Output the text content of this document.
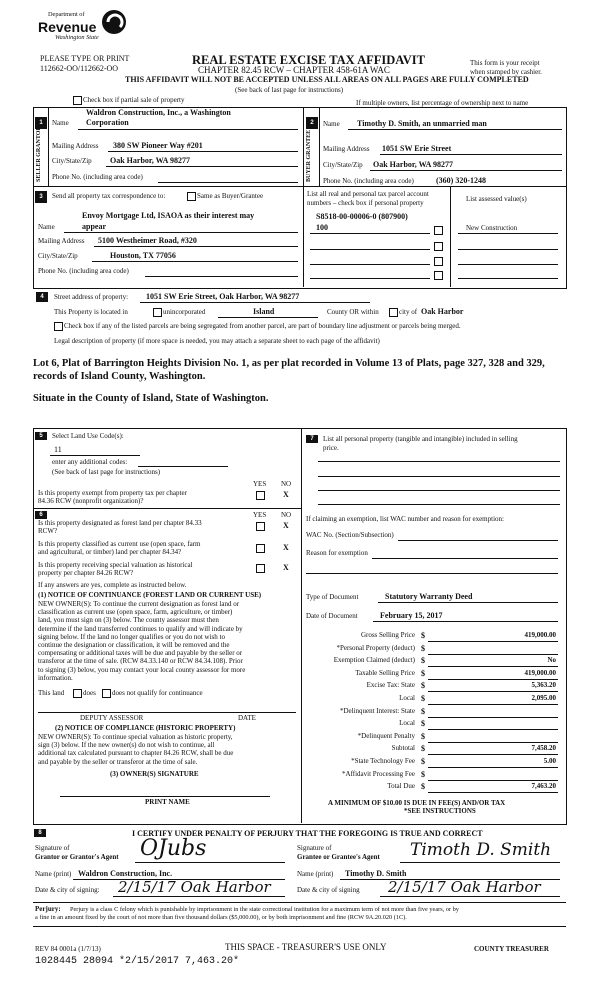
Department of
Revenue
Washington State
PLEASE TYPE OR PRINT
112662-OO/112662-OO
REAL ESTATE EXCISE TAX AFFIDAVIT
CHAPTER 82.45 RCW – CHAPTER 458-61A WAC
THIS AFFIDAVIT WILL NOT BE ACCEPTED UNLESS ALL AREAS ON ALL PAGES ARE FULLY COMPLETED
(See back of last page for instructions)
This form is your receipt
when stamped by cashier.
Check box if partial sale of property	If multiple owners, list percentage of ownership next to name
1
SELLER GRANTOR
Waldron Construction, Inc., a Washington
Name Corporation
Mailing Address 380 SW Pioneer Way #201
City/State/Zip Oak Harbor, WA 98277
Phone No. (including area code)
2
BUYER GRANTEE
Name Timothy D. Smith, an unmarried man
Mailing Address 1051 SW Erie Street
City/State/Zip Oak Harbor, WA 98277
Phone No. (including area code)	(360) 320-1248
3	Send all property tax correspondence to:	Same as Buyer/Grantee
Envoy Mortgage Ltd, ISAOA as their interest may
Name	appear
Mailing Address 5100 Westheimer Road, #320
City/State/Zip	Houston, TX 77056
Phone No. (including area code)
List all real and personal tax parcel account
numbers – check box if personal property	List assessed value(s)
S8518-00-00006-0 (807900)
100	New Construction
4	Street address of property: 1051 SW Erie Street, Oak Harbor, WA 98277
This Property is located in	unincorporated	Island	County OR within	city of Oak Harbor
Check box if any of the listed parcels are being segregated from another parcel, are part of boundary line adjustment or parcels being merged.
Legal description of property (if more space is needed, you may attach a separate sheet to each page of the affidavit)
Lot 6, Plat of Barrington Heights Division No. 1, as per plat recorded in Volume 13 of Plats, page 327, 328 and 329,
records of Island County, Washington.
Situate in the County of Island, State of Washington.
5	Select Land Use Code(s):
11
enter any additional codes:
(See back of last page for instructions)
YES NO
Is this property exempt from property tax per chapter
84.36 RCW (nonprofit organization)?
X
6	YES NO
Is this property designated as forest land per chapter 84.33
RCW?
X
Is this property classified as current use (open space, farm
and agricultural, or timber) land per chapter 84.34?	X
Is this property receiving special valuation as historical
property per chapter 84.26 RCW?
X
If any answers are yes, complete as instructed below.
(1) NOTICE OF CONTINUANCE (FOREST LAND OR CURRENT USE)
NEW OWNER(S): To continue the current designation as forest land or
classification as current use (open space, farm, agriculture, or timber)
land, you must sign on (3) below. The county assessor must then
determine if the land transferred continues to qualify and will indicate by
signing below. If the land no longer qualifies or you do not wish to
continue the designation or classification, it will be removed and the
compensating or additional taxes will be due and payable by the seller or
transferor at the time of sale. (RCW 84.33.140 or RCW 84.34.108). Prior
to signing (3) below, you may contact your local county assessor for more
information.
This land	does does not qualify for continuance
DEPUTY ASSESSOR	DATE
(2) NOTICE OF COMPLIANCE (HISTORIC PROPERTY)
NEW OWNER(S): To continue special valuation as historic property,
sign (3) below. If the new owner(s) do not wish to continue, all
additional tax calculated pursuant to chapter 84.26 RCW, shall be due
and payable by the seller or transferor at the time of sale.
(3) OWNER(S) SIGNATURE
PRINT NAME
7	List all personal property (tangible and intangible) included in selling
price.
If claiming an exemption, list WAC number and reason for exemption:
WAC No. (Section/Subsection)
Reason for exemption
Type of Document	Statutory Warranty Deed
Date of Document	February 15, 2017
Gross Selling Price $	419,000.00
*Personal Property (deduct) $
Exemption Claimed (deduct) $	No
Taxable Selling Price $	419,000.00
Excise Tax: State $	5,363.20
Local $	2,095.00
*Delinquent Interest: State $
Local $
*Delinquent Penalty $
Subtotal $	7,458.20
*State Technology Fee $	5.00
*Affidavit Processing Fee $
Total Due $	7,463.20
A MINIMUM OF $10.00 IS DUE IN FEE(S) AND/OR TAX
*SEE INSTRUCTIONS
8	I CERTIFY UNDER PENALTY OF PERJURY THAT THE FOREGOING IS TRUE AND CORRECT
Signature of
Grantor or Grantor's Agent OJubs	Signature of
Grantee or Grantee's Agent Timoth D. Smith
Name (print) Waldron Construction, Inc.	Name (print) Timothy D. Smith
Date & city of signing: 2/15/17 Oak Harbor	Date & city of signing 2/15/17 Oak Harbor
Perjury: Perjury is a class C felony which is punishable by imprisonment in the state correctional institution for a maximum term of not more than five years, or by
a fine in an amount fixed by the court of not more than five thousand dollars ($5,000.00), or by both imprisonment and fine (RCW 9A.20.020 (1C).
REV 84 0001a (1/7/13)
1028445 28094 *2/15/2017 7,463.20*
THIS SPACE - TREASURER'S USE ONLY	COUNTY TREASURER
